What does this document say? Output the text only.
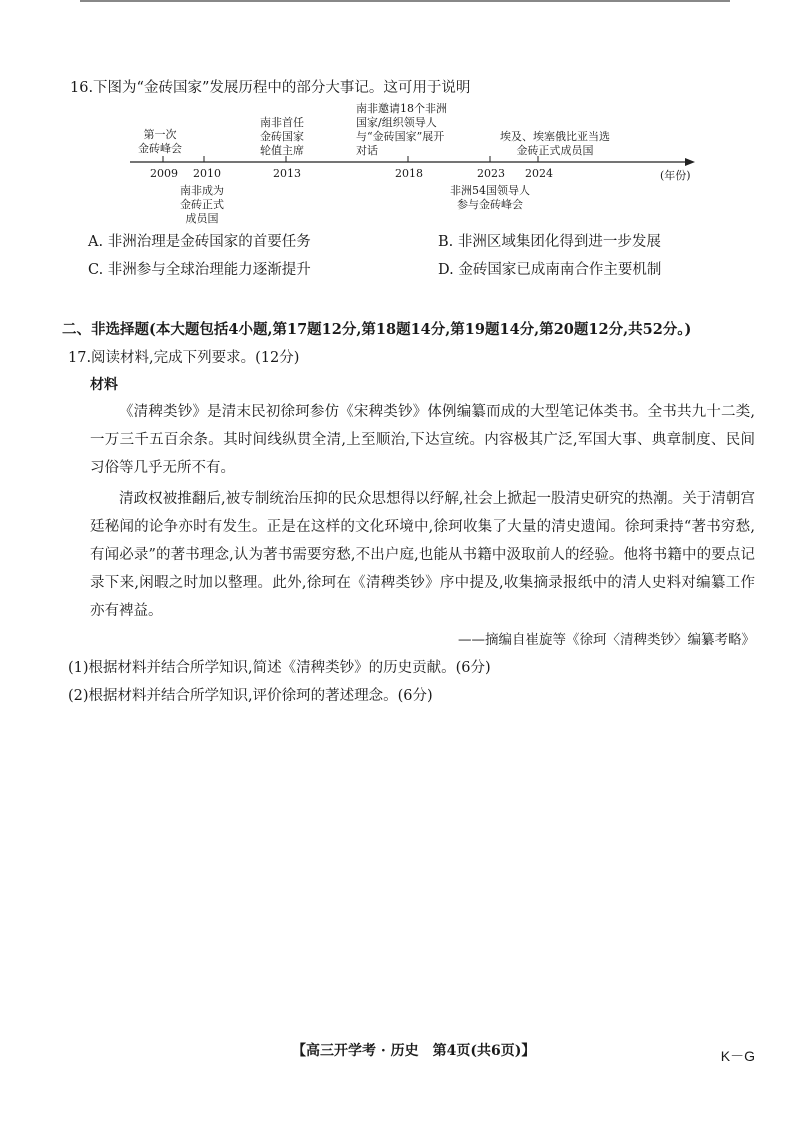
16.下图为“金砖国家”发展历程中的部分大事记。这可用于说明
第一次
金砖峰会
南非首任
金砖国家
轮值主席
南非邀请18个非洲
国家/组织领导人
与“金砖国家”展开
对话
埃及、埃塞俄比亚当选
金砖正式成员国
2009 2010	2013	2018	2023 2024	(年份)
南非成为
金砖正式
成员国
非洲54国领导人
参与金砖峰会
A. 非洲治理是金砖国家的首要任务	B. 非洲区域集团化得到进一步发展
C. 非洲参与全球治理能力逐渐提升	D. 金砖国家已成南南合作主要机制
二、非选择题(本大题包括4小题,第17题12分,第18题14分,第19题14分,第20题12分,共52分。)
17.阅读材料,完成下列要求。(12分)
材料

《清稗类钞》是清末民初徐珂参仿《宋稗类钞》体例编纂而成的大型笔记体类书。全书共九十二类,一万三千五百余条。其时间线纵贯全清,上至顺治,下达宣统。内容极其广泛,军国大事、典章制度、民间习俗等几乎无所不有。

清政权被推翻后,被专制统治压抑的民众思想得以纾解,社会上掀起一股清史研究的热潮。关于清朝宫廷秘闻的论争亦时有发生。正是在这样的文化环境中,徐珂收集了大量的清史遗闻。徐珂秉持“著书穷愁,有闻必录”的著书理念,认为著书需要穷愁,不出户庭,也能从书籍中汲取前人的经验。他将书籍中的要点记录下来,闲暇之时加以整理。此外,徐珂在《清稗类钞》序中提及,收集摘录报纸中的清人史料对编纂工作亦有裨益。

——摘编自崔旋等《徐珂〈清稗类钞〉编纂考略》
(1)根据材料并结合所学知识,简述《清稗类钞》的历史贡献。(6分)
(2)根据材料并结合所学知识,评价徐珂的著述理念。(6分)
【高三开学考 · 历史　第4页(共6页)】	K－G
